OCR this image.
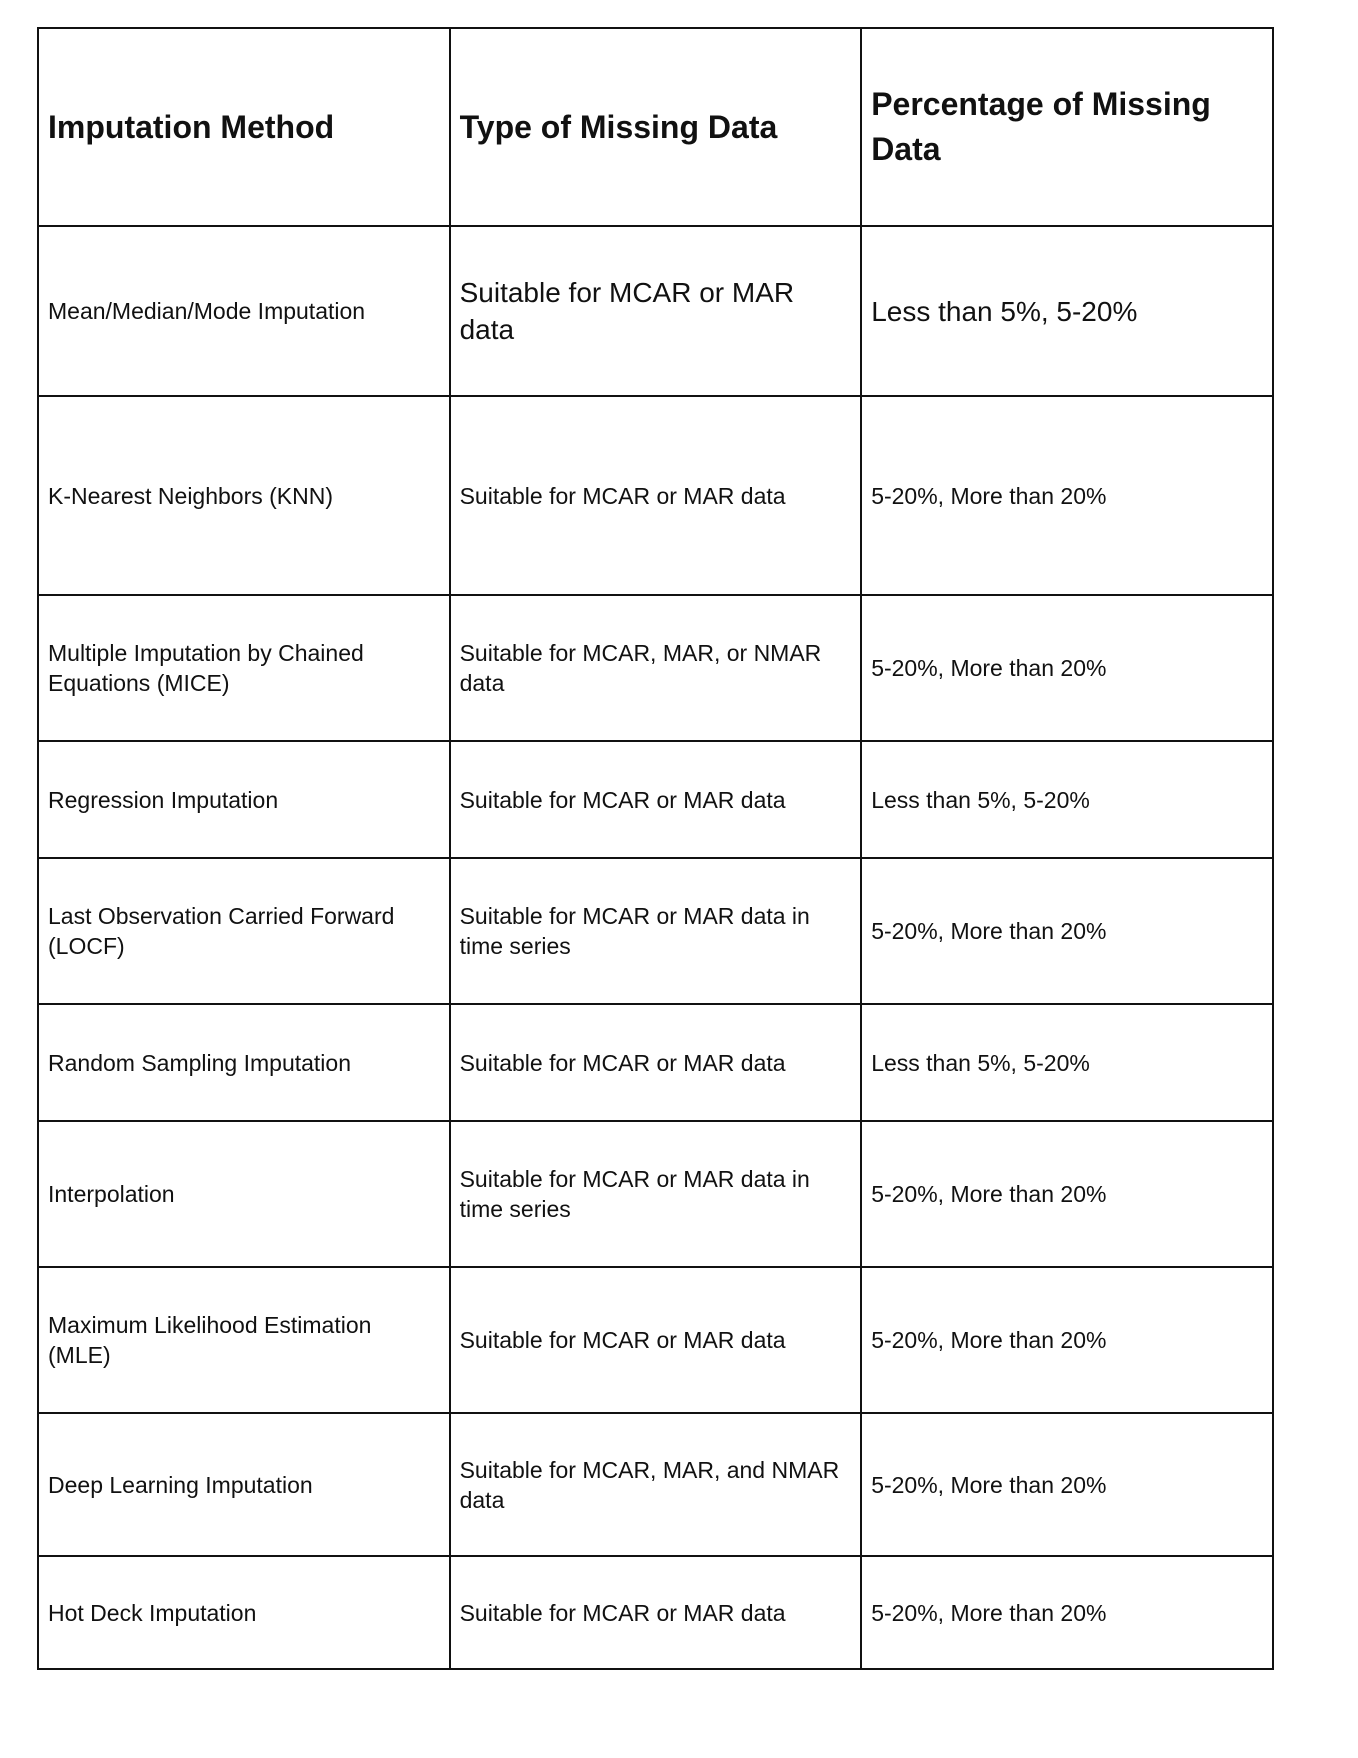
Imputation Method	Type of Missing Data	Percentage of Missing Data
Mean/Median/Mode Imputation	Suitable for MCAR or MAR data	Less than 5%, 5-20%
K-Nearest Neighbors (KNN)	Suitable for MCAR or MAR data	5-20%, More than 20%
Multiple Imputation by Chained Equations (MICE)	Suitable for MCAR, MAR, or NMAR data	5-20%, More than 20%
Regression Imputation	Suitable for MCAR or MAR data	Less than 5%, 5-20%
Last Observation Carried Forward (LOCF)	Suitable for MCAR or MAR data in time series	5-20%, More than 20%
Random Sampling Imputation	Suitable for MCAR or MAR data	Less than 5%, 5-20%
Interpolation	Suitable for MCAR or MAR data in time series	5-20%, More than 20%
Maximum Likelihood Estimation (MLE)	Suitable for MCAR or MAR data	5-20%, More than 20%
Deep Learning Imputation	Suitable for MCAR, MAR, and NMAR data	5-20%, More than 20%
Hot Deck Imputation	Suitable for MCAR or MAR data	5-20%, More than 20%
